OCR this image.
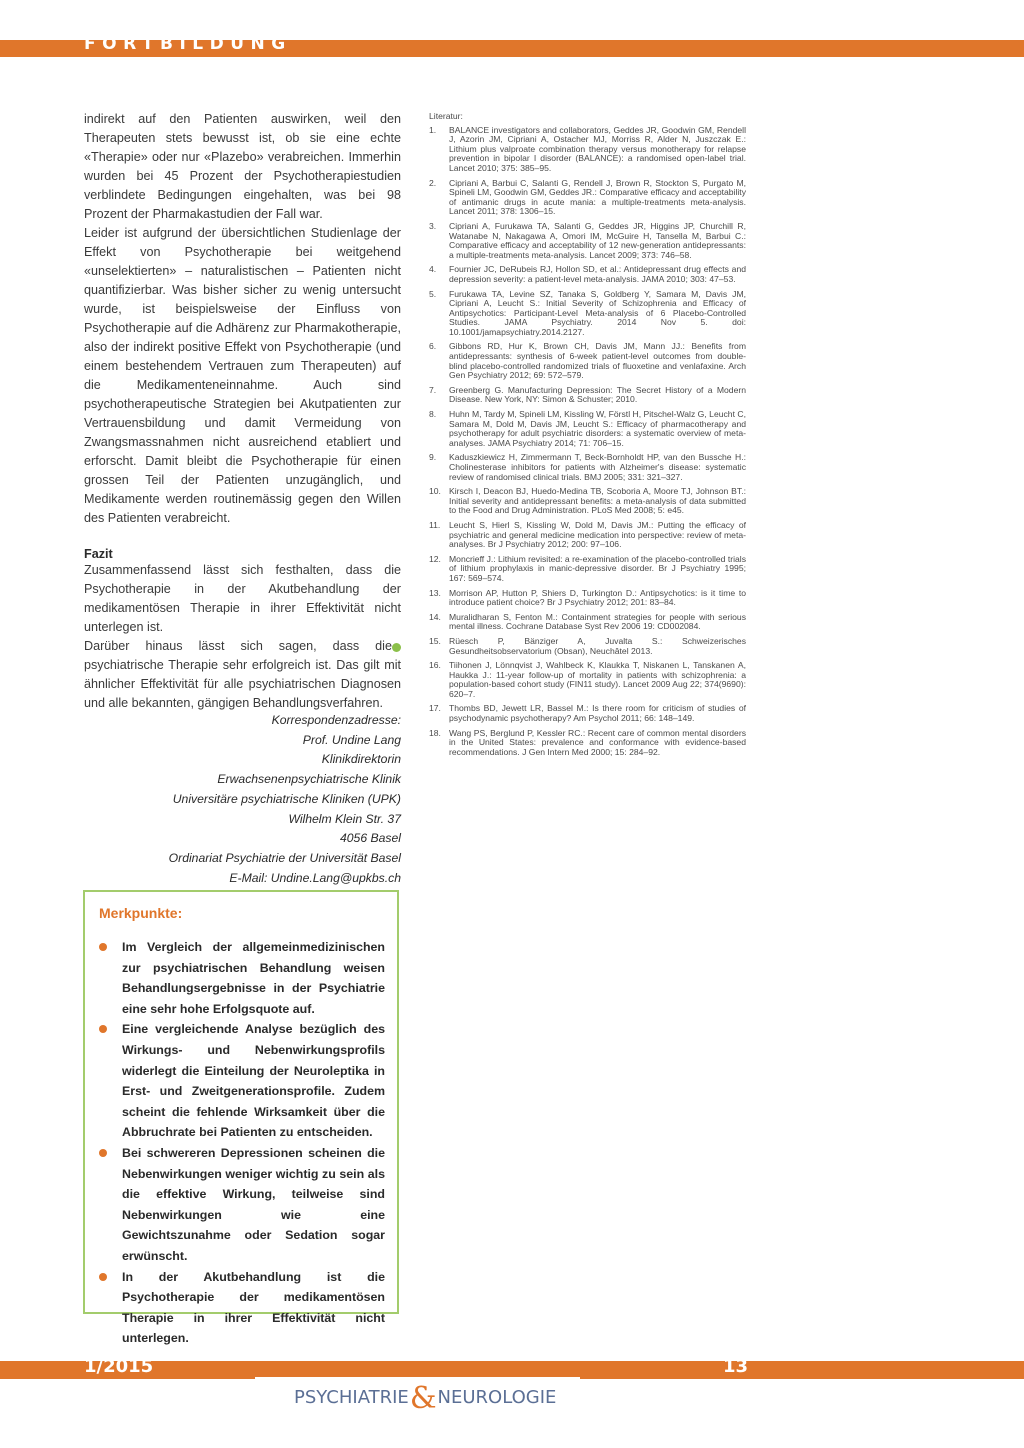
FORTBILDUNG

indirekt auf den Patienten auswirken, weil den Therapeuten stets bewusst ist, ob sie eine echte «Therapie» oder nur «Plazebo» verabreichen. Immerhin wurden bei 45 Prozent der Psychotherapiestudien verblindete Bedingungen eingehalten, was bei 98 Prozent der Pharmakastudien der Fall war.

Leider ist aufgrund der übersichtlichen Studienlage der Effekt von Psychotherapie bei weitgehend «unselektierten» – naturalistischen – Patienten nicht quantifizierbar. Was bisher sicher zu wenig untersucht wurde, ist beispielsweise der Einfluss von Psychotherapie auf die Adhärenz zur Pharmakotherapie, also der indirekt positive Effekt von Psychotherapie (und einem bestehendem Vertrauen zum Therapeuten) auf die Medikamenteneinnahme. Auch sind psychotherapeutische Strategien bei Akutpatienten zur Vertrauensbildung und damit Vermeidung von Zwangsmassnahmen nicht ausreichend etabliert und erforscht. Damit bleibt die Psychotherapie für einen grossen Teil der Patienten unzugänglich, und Medikamente werden routinemässig gegen den Willen des Patienten verabreicht.

Fazit

Zusammenfassend lässt sich festhalten, dass die Psychotherapie in der Akutbehandlung der medikamentösen Therapie in ihrer Effektivität nicht unterlegen ist.

Darüber hinaus lässt sich sagen, dass die psychiatrische Therapie sehr erfolgreich ist. Das gilt mit ähnlicher Effektivität für alle psychiatrischen Diagnosen und alle bekannten, gängigen Behandlungsverfahren.

Korrespondenzadresse:
Prof. Undine Lang
Klinikdirektorin
Erwachsenenpsychiatrische Klinik
Universitäre psychiatrische Kliniken (UPK)
Wilhelm Klein Str. 37
4056 Basel
Ordinariat Psychiatrie der Universität Basel
E-Mail: Undine.Lang@upkbs.ch
Merkpunkte:
Im Vergleich der allgemeinmedizinischen zur psychiatrischen Behandlung weisen Behandlungsergebnisse in der Psychiatrie eine sehr hohe Erfolgsquote auf.
Eine vergleichende Analyse bezüglich des Wirkungs- und Nebenwirkungsprofils widerlegt die Einteilung der Neuroleptika in Erst- und Zweitgenerationsprofile. Zudem scheint die fehlende Wirksamkeit über die Abbruchrate bei Patienten zu entscheiden.
Bei schwereren Depressionen scheinen die Nebenwirkungen weniger wichtig zu sein als die effektive Wirkung, teilweise sind Nebenwirkungen wie eine Gewichtszunahme oder Sedation sogar erwünscht.
In der Akutbehandlung ist die Psychotherapie der medikamentösen Therapie in ihrer Effektivität nicht unterlegen.
Literatur:
1. BALANCE investigators and collaborators, Geddes JR, Goodwin GM, Rendell J, Azorin JM, Cipriani A, Ostacher MJ, Morriss R, Alder N, Juszczak E.: Lithium plus valproate combination therapy versus monotherapy for relapse prevention in bipolar I disorder (BALANCE): a randomised open-label trial. Lancet 2010; 375: 385–95.
2. Cipriani A, Barbui C, Salanti G, Rendell J, Brown R, Stockton S, Purgato M, Spineli LM, Goodwin GM, Geddes JR.: Comparative efficacy and acceptability of antimanic drugs in acute mania: a multiple-treatments meta-analysis. Lancet 2011; 378: 1306–15.
3. Cipriani A, Furukawa TA, Salanti G, Geddes JR, Higgins JP, Churchill R, Watanabe N, Nakagawa A, Omori IM, McGuire H, Tansella M, Barbui C.: Comparative efficacy and acceptability of 12 new-generation antidepressants: a multiple-treatments meta-analysis. Lancet 2009; 373: 746–58.
4. Fournier JC, DeRubeis RJ, Hollon SD, et al.: Antidepressant drug effects and depression severity: a patient-level meta-analysis. JAMA 2010; 303: 47–53.
5. Furukawa TA, Levine SZ, Tanaka S, Goldberg Y, Samara M, Davis JM, Cipriani A, Leucht S.: Initial Severity of Schizophrenia and Efficacy of Antipsychotics: Participant-Level Meta-analysis of 6 Placebo-Controlled Studies. JAMA Psychiatry. 2014 Nov 5. doi: 10.1001/jamapsychiatry.2014.2127.
6. Gibbons RD, Hur K, Brown CH, Davis JM, Mann JJ.: Benefits from antidepressants: synthesis of 6-week patient-level outcomes from double-blind placebo-controlled randomized trials of fluoxetine and venlafaxine. Arch Gen Psychiatry 2012; 69: 572–579.
7. Greenberg G. Manufacturing Depression: The Secret History of a Modern Disease. New York, NY: Simon & Schuster; 2010.
8. Huhn M, Tardy M, Spineli LM, Kissling W, Förstl H, Pitschel-Walz G, Leucht C, Samara M, Dold M, Davis JM, Leucht S.: Efficacy of pharmacotherapy and psychotherapy for adult psychiatric disorders: a systematic overview of meta-analyses. JAMA Psychiatry 2014; 71: 706–15.
9. Kaduszkiewicz H, Zimmermann T, Beck-Bornholdt HP, van den Bussche H.: Cholinesterase inhibitors for patients with Alzheimer's disease: systematic review of randomised clinical trials. BMJ 2005; 331: 321–327.
10. Kirsch I, Deacon BJ, Huedo-Medina TB, Scoboria A, Moore TJ, Johnson BT.: Initial severity and antidepressant benefits: a meta-analysis of data submitted to the Food and Drug Administration. PLoS Med 2008; 5: e45.
11. Leucht S, Hierl S, Kissling W, Dold M, Davis JM.: Putting the efficacy of psychiatric and general medicine medication into perspective: review of meta-analyses. Br J Psychiatry 2012; 200: 97–106.
12. Moncrieff J.: Lithium revisited: a re-examination of the placebo-controlled trials of lithium prophylaxis in manic-depressive disorder. Br J Psychiatry 1995; 167: 569–574.
13. Morrison AP, Hutton P, Shiers D, Turkington D.: Antipsychotics: is it time to introduce patient choice? Br J Psychiatry 2012; 201: 83–84.
14. Muralidharan S, Fenton M.: Containment strategies for people with serious mental illness. Cochrane Database Syst Rev 2006 19: CD002084.
15. Rüesch P, Bänziger A, Juvalta S.: Schweizerisches Gesundheitsobservatorium (Obsan), Neuchâtel 2013.
16. Tiihonen J, Lönnqvist J, Wahlbeck K, Klaukka T, Niskanen L, Tanskanen A, Haukka J.: 11-year follow-up of mortality in patients with schizophrenia: a population-based cohort study (FIN11 study). Lancet 2009 Aug 22; 374(9690): 620–7.
17. Thombs BD, Jewett LR, Bassel M.: Is there room for criticism of studies of psychodynamic psychotherapy? Am Psychol 2011; 66: 148–149.
18. Wang PS, Berglund P, Kessler RC.: Recent care of common mental disorders in the United States: prevalence and conformance with evidence-based recommendations. J Gen Intern Med 2000; 15: 284–92.
1/2015	13
PSYCHIATRIE&NEUROLOGIE
